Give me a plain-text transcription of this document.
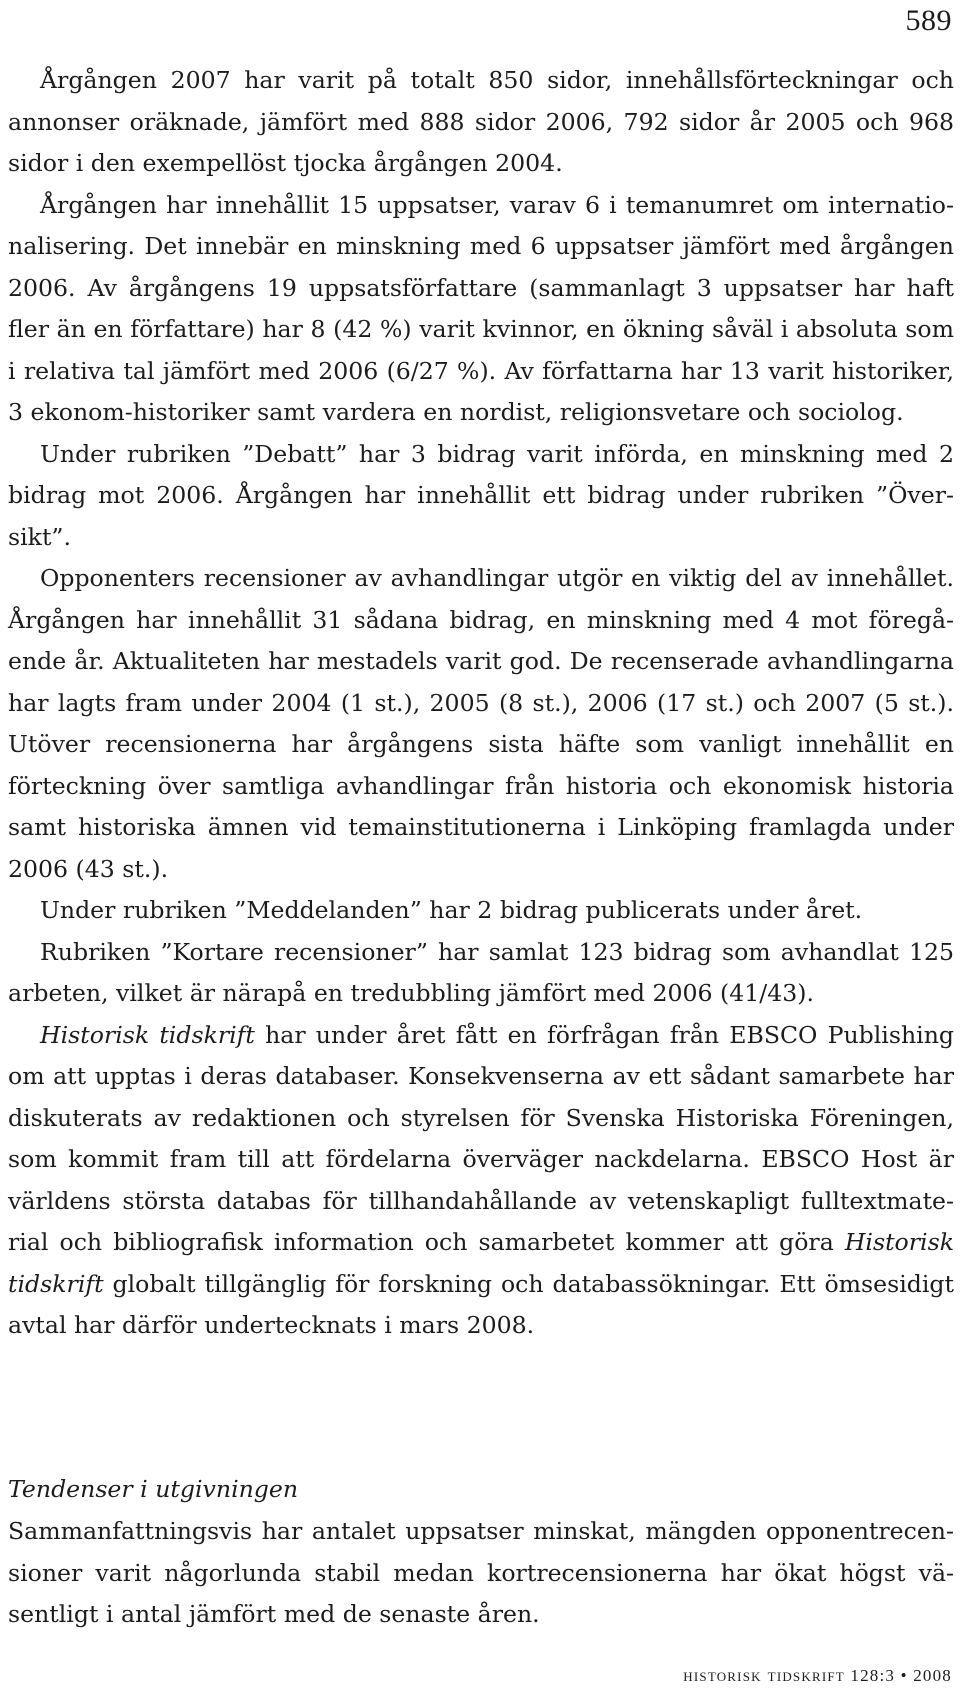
589

Årgången 2007 har varit på totalt 850 sidor, innehållsförteckningar och annonser oräknade, jämfört med 888 sidor 2006, 792 sidor år 2005 och 968 sidor i den exempellöst tjocka årgången 2004.

Årgången har innehållit 15 uppsatser, varav 6 i temanumret om internationalisering. Det innebär en minskning med 6 uppsatser jämfört med årgången 2006. Av årgångens 19 uppsatsförfattare (sammanlagt 3 uppsatser har haft fler än en författare) har 8 (42 %) varit kvinnor, en ökning såväl i absoluta som i relativa tal jämfört med 2006 (6/27 %). Av författarna har 13 varit historiker, 3 ekonom-historiker samt vardera en nordist, religionsvetare och sociolog.

Under rubriken ”Debatt” har 3 bidrag varit införda, en minskning med 2 bidrag mot 2006. Årgången har innehållit ett bidrag under rubriken ”Översikt”.

Opponenters recensioner av avhandlingar utgör en viktig del av innehållet. Årgången har innehållit 31 sådana bidrag, en minskning med 4 mot föregående år. Aktualiteten har mestadels varit god. De recenserade avhandlingarna har lagts fram under 2004 (1 st.), 2005 (8 st.), 2006 (17 st.) och 2007 (5 st.). Utöver recensionerna har årgångens sista häfte som vanligt innehållit en förteckning över samtliga avhandlingar från historia och ekonomisk historia samt historiska ämnen vid temainstitutionerna i Linköping framlagda under 2006 (43 st.).

Under rubriken ”Meddelanden” har 2 bidrag publicerats under året.

Rubriken ”Kortare recensioner” har samlat 123 bidrag som avhandlat 125 arbeten, vilket är närapå en tredubbling jämfört med 2006 (41/43).

Historisk tidskrift har under året fått en förfrågan från EBSCO Publishing om att upptas i deras databaser. Konsekvenserna av ett sådant samarbete har diskuterats av redaktionen och styrelsen för Svenska Historiska Föreningen, som kommit fram till att fördelarna överväger nackdelarna. EBSCO Host är världens största databas för tillhandahållande av vetenskapligt fulltextmaterial och bibliografisk information och samarbetet kommer att göra Historisk tidskrift globalt tillgänglig för forskning och databassökningar. Ett ömsesidigt avtal har därför undertecknats i mars 2008.

Tendenser i utgivningen

Sammanfattningsvis har antalet uppsatser minskat, mängden opponentrecensioner varit någorlunda stabil medan kortrecensionerna har ökat högst väsentligt i antal jämfört med de senaste åren.

historisk tidskrift 128:3 • 2008
